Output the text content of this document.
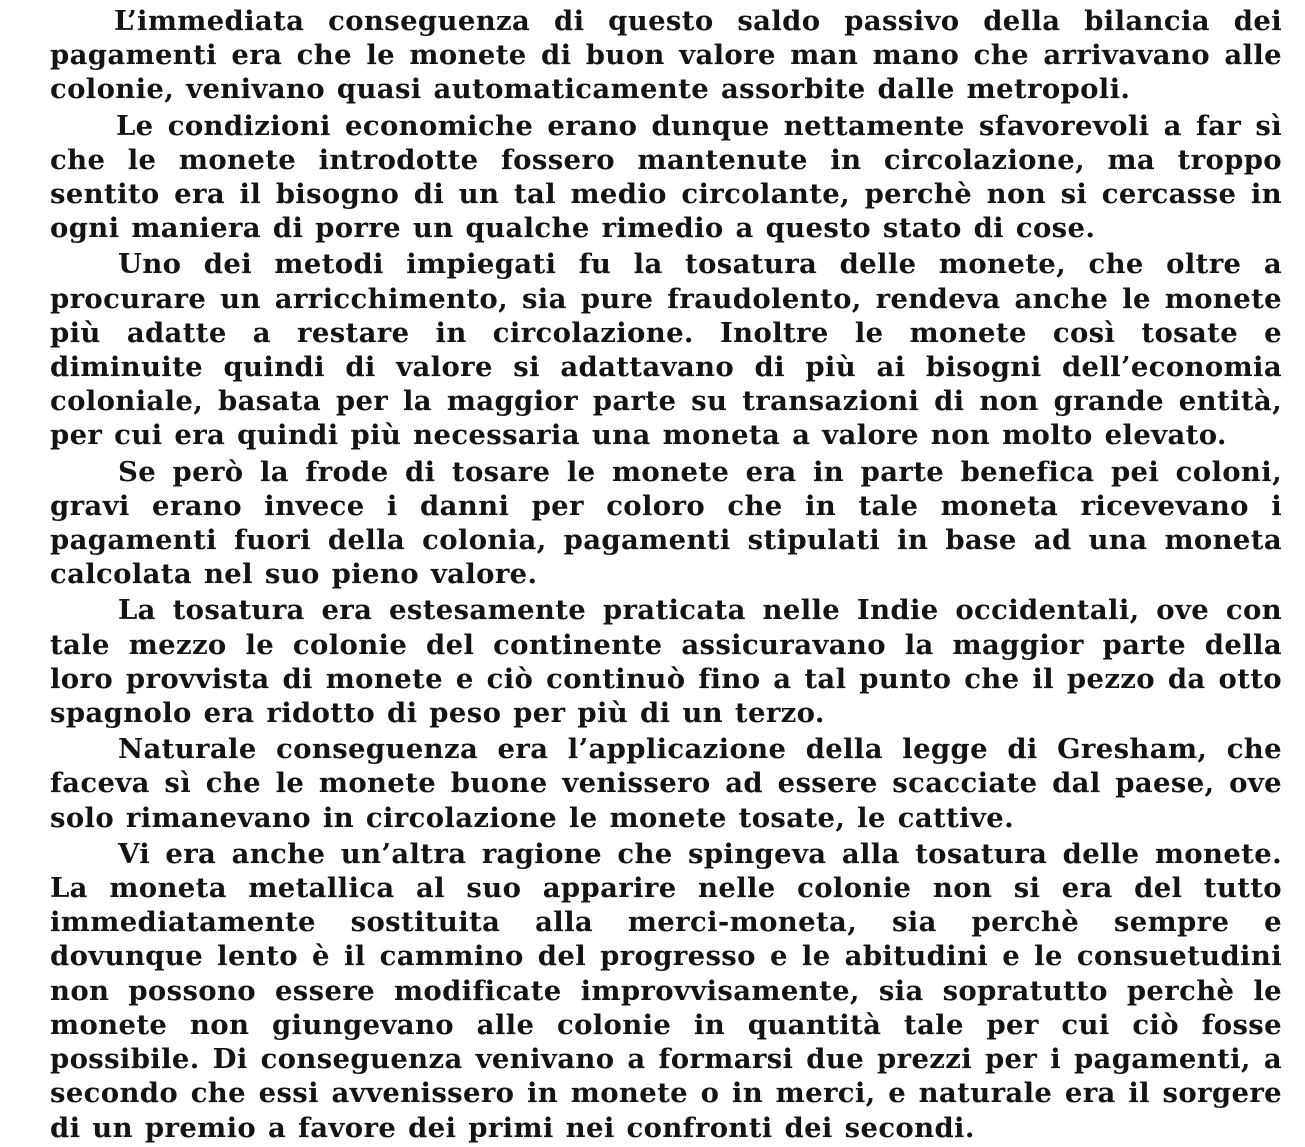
L’immediata conseguenza di questo saldo passivo della bilancia dei pagamenti era che le monete di buon valore man mano che arrivavano alle colonie, venivano quasi automaticamente assorbite dalle metropoli.

Le condizioni economiche erano dunque nettamente sfavorevoli a far sì che le monete introdotte fossero mantenute in circolazione, ma troppo sentito era il bisogno di un tal medio circolante, perchè non si cercasse in ogni maniera di porre un qualche rimedio a questo stato di cose.

Uno dei metodi impiegati fu la tosatura delle monete, che oltre a procurare un arricchimento, sia pure fraudolento, rendeva anche le monete più adatte a restare in circolazione. Inoltre le monete così tosate e diminuite quindi di valore si adattavano di più ai bisogni dell’economia coloniale, basata per la maggior parte su transazioni di non grande entità, per cui era quindi più necessaria una moneta a valore non molto elevato.

Se però la frode di tosare le monete era in parte benefica pei coloni, gravi erano invece i danni per coloro che in tale moneta ricevevano i pagamenti fuori della colonia, pagamenti stipulati in base ad una moneta calcolata nel suo pieno valore.

La tosatura era estesamente praticata nelle Indie occidentali, ove con tale mezzo le colonie del continente assicuravano la maggior parte della loro provvista di monete e ciò continuò fino a tal punto che il pezzo da otto spagnolo era ridotto di peso per più di un terzo.

Naturale conseguenza era l’applicazione della legge di Gresham, che faceva sì che le monete buone venissero ad essere scacciate dal paese, ove solo rimanevano in circolazione le monete tosate, le cattive.

Vi era anche un’altra ragione che spingeva alla tosatura delle monete. La moneta metallica al suo apparire nelle colonie non si era del tutto immediatamente sostituita alla merci-moneta, sia perchè sempre e dovunque lento è il cammino del progresso e le abitudini e le consuetudini non possono essere modificate improvvisamente, sia sopratutto perchè le monete non giungevano alle colonie in quantità tale per cui ciò fosse possibile. Di conseguenza venivano a formarsi due prezzi per i pagamenti, a secondo che essi avvenissero in monete o in merci, e naturale era il sorgere di un premio a favore dei primi nei confronti dei secondi.
